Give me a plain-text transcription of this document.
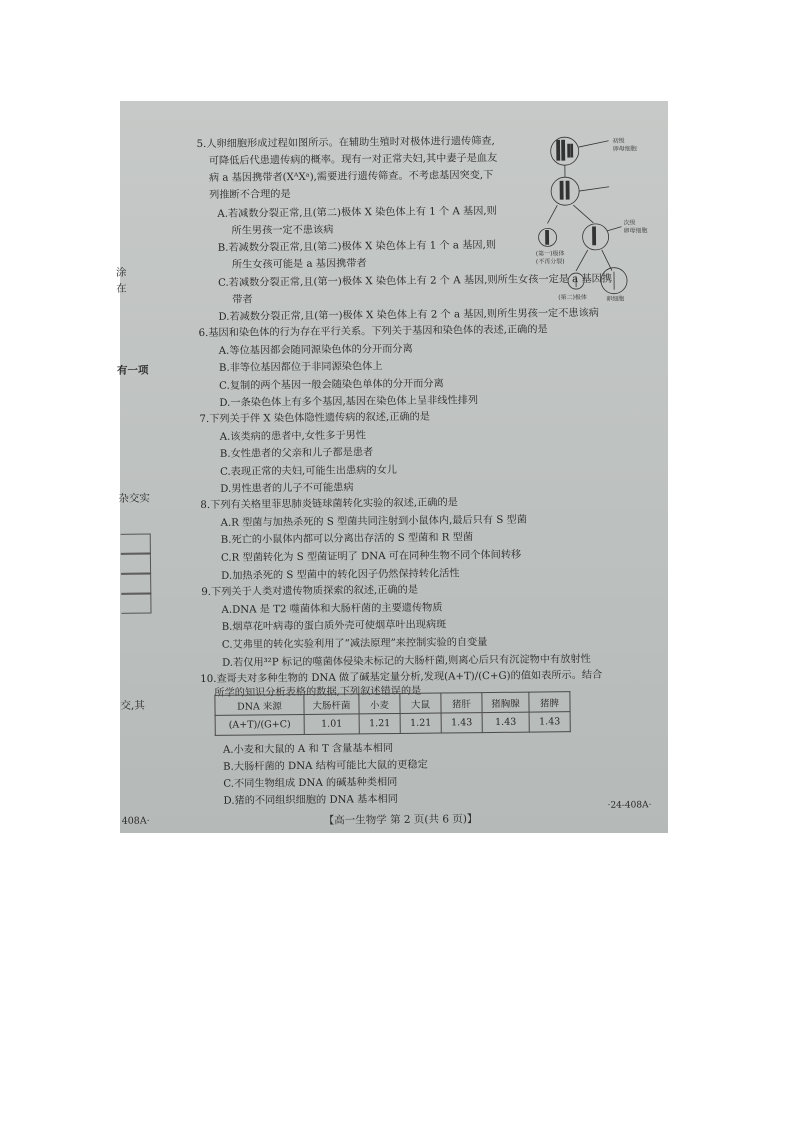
涂
在
有一项
杂交实
交,其
5.人卵细胞形成过程如图所示。在辅助生殖时对极体进行遗传筛查,
可降低后代患遗传病的概率。现有一对正常夫妇,其中妻子是血友
病 a 基因携带者(XᴬXᵃ),需要进行遗传筛查。不考虑基因突变,下
列推断不合理的是
A.若减数分裂正常,且(第二)极体 X 染色体上有 1 个 A 基因,则
所生男孩一定不患该病
B.若减数分裂正常,且(第二)极体 X 染色体上有 1 个 a 基因,则
所生女孩可能是 a 基因携带者
C.若减数分裂正常,且(第一)极体 X 染色体上有 2 个 A 基因,则所生女孩一定是 a 基因携
带者
D.若减数分裂正常,且(第一)极体 X 染色体上有 2 个 a 基因,则所生男孩一定不患该病
初级
卵母细胞
次级
卵母细胞
(第一)极体
(不再分裂)
(第二)极体	卵细胞
6.基因和染色体的行为存在平行关系。下列关于基因和染色体的表述,正确的是
A.等位基因都会随同源染色体的分开而分离
B.非等位基因都位于非同源染色体上
C.复制的两个基因一般会随染色单体的分开而分离
D.一条染色体上有多个基因,基因在染色体上呈非线性排列
7.下列关于伴 X 染色体隐性遗传病的叙述,正确的是
A.该类病的患者中,女性多于男性
B.女性患者的父亲和儿子都是患者
C.表现正常的夫妇,可能生出患病的女儿
D.男性患者的儿子不可能患病
8.下列有关格里菲思肺炎链球菌转化实验的叙述,正确的是
A.R 型菌与加热杀死的 S 型菌共同注射到小鼠体内,最后只有 S 型菌
B.死亡的小鼠体内都可以分离出存活的 S 型菌和 R 型菌
C.R 型菌转化为 S 型菌证明了 DNA 可在同种生物不同个体间转移
D.加热杀死的 S 型菌中的转化因子仍然保持转化活性
9.下列关于人类对遗传物质探索的叙述,正确的是
A.DNA 是 T2 噬菌体和大肠杆菌的主要遗传物质
B.烟草花叶病毒的蛋白质外壳可使烟草叶出现病斑
C.艾弗里的转化实验利用了“减法原理”来控制实验的自变量
D.若仅用³²P 标记的噬菌体侵染未标记的大肠杆菌,则离心后只有沉淀物中有放射性
10.查哥夫对多种生物的 DNA 做了碱基定量分析,发现(A+T)/(C+G)的值如表所示。结合
所学的知识分析表格的数据,下列叙述错误的是
DNA 来源	大肠杆菌	小麦	大鼠	猪肝	猪胸腺	猪脾
(A+T)/(G+C)	1.01	1.21	1.21	1.43	1.43	1.43
A.小麦和大鼠的 A 和 T 含量基本相同
B.大肠杆菌的 DNA 结构可能比大鼠的更稳定
C.不同生物组成 DNA 的碱基种类相同
D.猪的不同组织细胞的 DNA 基本相同
408A·	【高一生物学 第 2 页(共 6 页)】
·24-408A·
